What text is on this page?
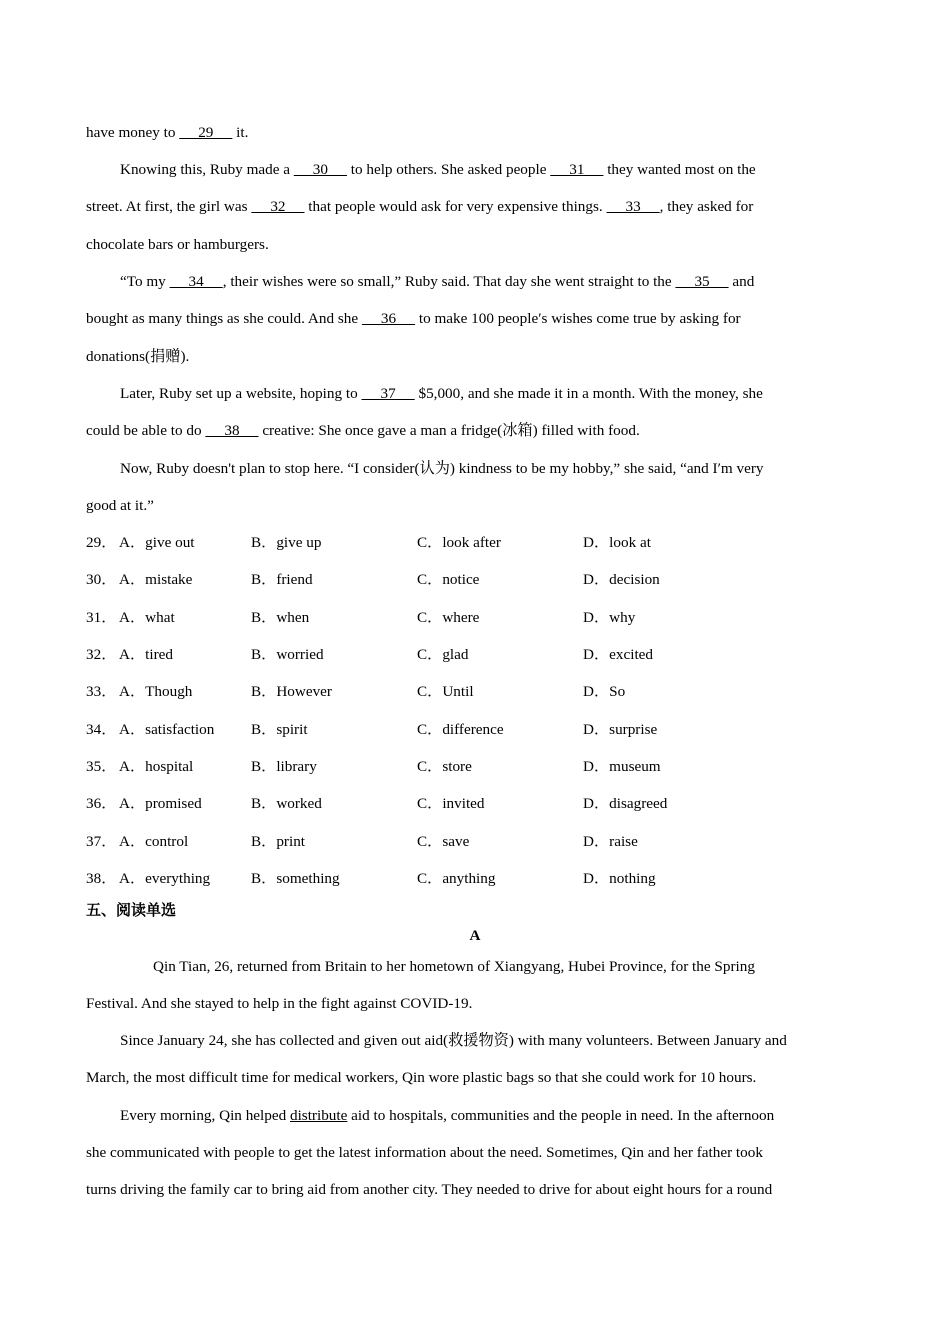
have money to      29      it.
Knowing this, Ruby made a      30      to help others. She asked people      31      they wanted most on the
street. At first, the girl was      32      that people would ask for very expensive things.      33     , they asked for
chocolate bars or hamburgers.
“To my      34     , their wishes were so small,” Ruby said. That day she went straight to the      35      and
bought as many things as she could. And she      36      to make 100 people′s wishes come true by asking for
donations(捐赠).
Later, Ruby set up a website, hoping to      37      $5,000, and she made it in a month. With the money, she
could be able to do      38      creative: She once gave a man a fridge(冰箱) filled with food.
Now, Ruby doesn't plan to stop here. “I consider(认为) kindness to be my hobby,” she said, “and I′m very
good at it.”
29． A．give out	B．give up	C．look after	D．look at
30． A．mistake	B．friend	C．notice	D．decision
31． A．what	B．when	C．where	D．why
32． A．tired	B．worried	C．glad	D．excited
33． A．Though	B．However	C．Until	D．So
34． A．satisfaction B．spirit	C．difference	D．surprise
35． A．hospital	B．library	C．store	D．museum
36． A．promised	B．worked	C．invited	D．disagreed
37． A．control	B．print	C．save	D．raise
38． A．everything	B．something	C．anything	D．nothing
五、阅读单选
A
Qin Tian, 26, returned from Britain to her hometown of Xiangyang, Hubei Province, for the Spring
Festival. And she stayed to help in the fight against COVID-19.
Since January 24, she has collected and given out aid(救援物资) with many volunteers. Between January and
March, the most difficult time for medical workers, Qin wore plastic bags so that she could work for 10 hours.
Every morning, Qin helped distribute aid to hospitals, communities and the people in need. In the afternoon
she communicated with people to get the latest information about the need. Sometimes, Qin and her father took
turns driving the family car to bring aid from another city. They needed to drive for about eight hours for a round
